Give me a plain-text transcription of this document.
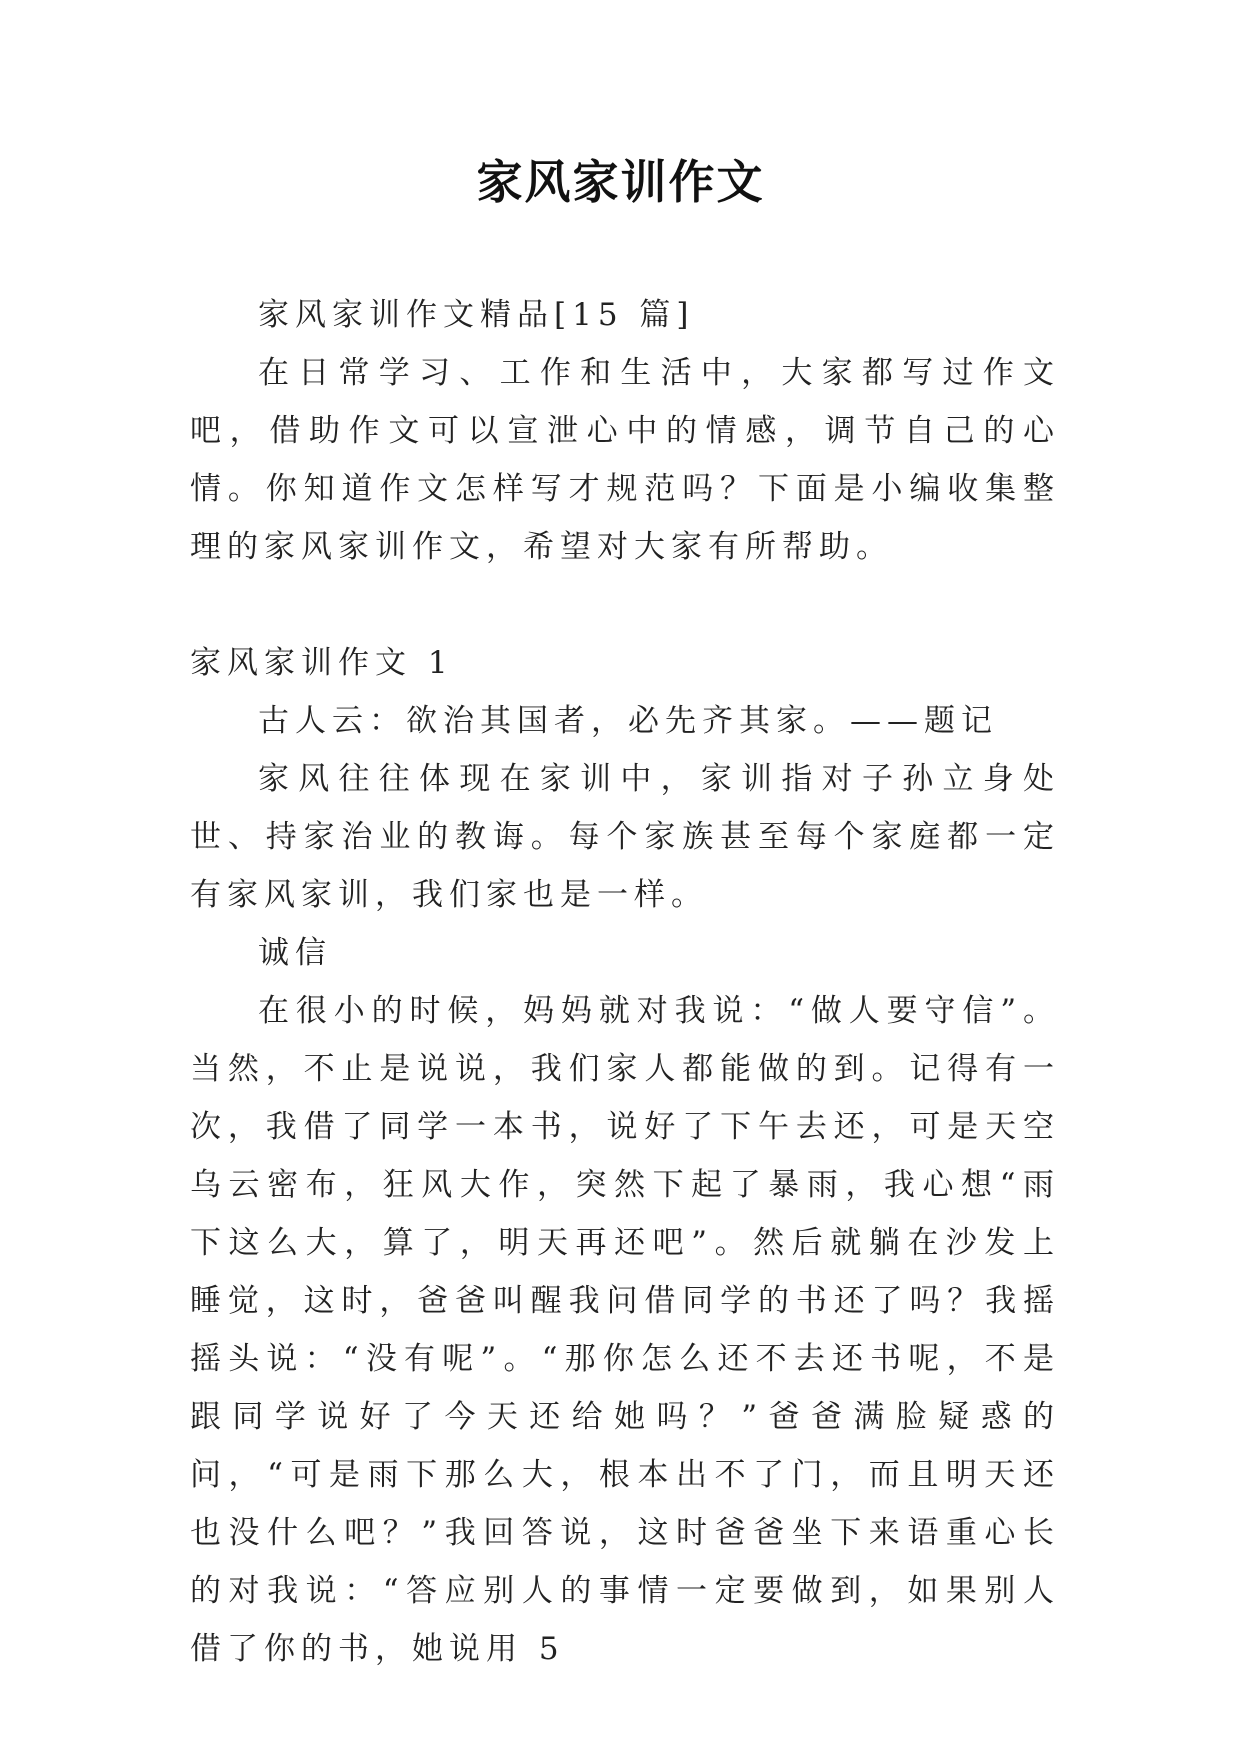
家风家训作文

家风家训作文精品[15 篇]

在日常学习、工作和生活中，大家都写过作文吧，借助作文可以宣泄心中的情感，调节自己的心情。你知道作文怎样写才规范吗？下面是小编收集整理的家风家训作文，希望对大家有所帮助。

家风家训作文 1

古人云：欲治其国者，必先齐其家。——题记

家风往往体现在家训中，家训指对子孙立身处世、持家治业的教诲。每个家族甚至每个家庭都一定有家风家训，我们家也是一样。

诚信

在很小的时候，妈妈就对我说：“做人要守信”。当然，不止是说说，我们家人都能做的到。记得有一次，我借了同学一本书，说好了下午去还，可是天空乌云密布，狂风大作，突然下起了暴雨，我心想“雨下这么大，算了，明天再还吧”。然后就躺在沙发上睡觉，这时，爸爸叫醒我问借同学的书还了吗？我摇摇头说：“没有呢”。“那你怎么还不去还书呢，不是跟同学说好了今天还给她吗？”爸爸满脸疑惑的问，“可是雨下那么大，根本出不了门，而且明天还也没什么吧？”我回答说，这时爸爸坐下来语重心长的对我说：“答应别人的事情一定要做到，如果别人借了你的书，她说用 5
